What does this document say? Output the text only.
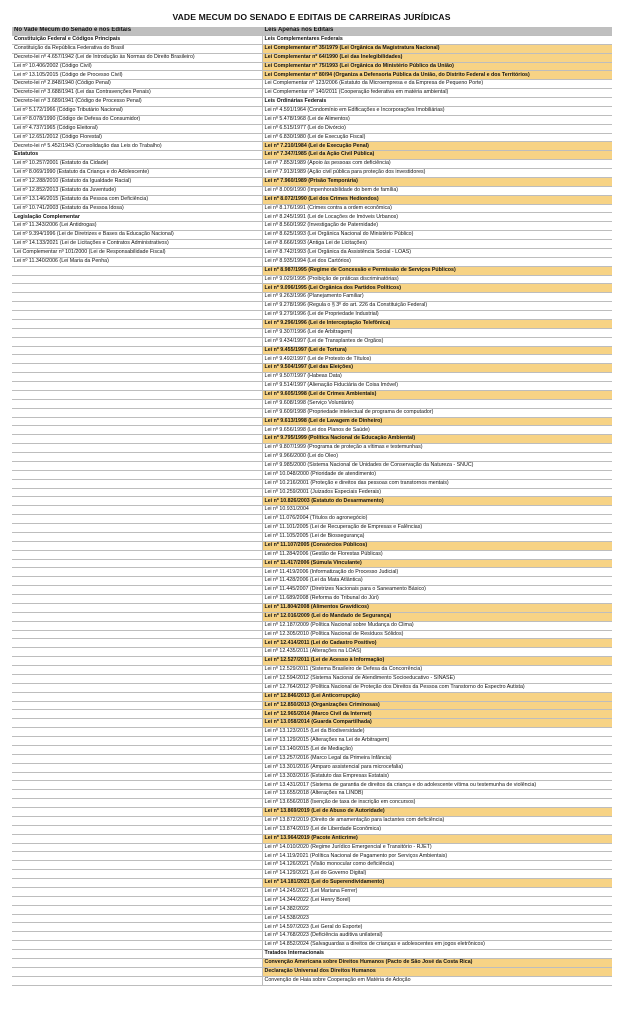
VADE MECUM DO SENADO E EDITAIS DE CARREIRAS JURÍDICAS
No Vade Mecum do Senado e nos Editais	Leis Apenas nos Editais
Constituição Federal e Códigos Principais	Leis Complementares Federais
Constituição da República Federativa do Brasil	Lei Complementar nº 35/1979 (Lei Orgânica da Magistratura Nacional)
Decreto-lei nº 4.657/1942 (Lei de Introdução às Normas do Direito Brasileiro)	Lei Complementar nº 64/1990 (Lei das Inelegibilidades)
Lei nº 10.406/2002 (Código Civil)	Lei Complementar nº 75/1993 (Lei Orgânica do Ministério Público da União)
Lei nº 13.105/2015 (Código de Processo Civil)	Lei Complementar nº 80/94 (Organiza a Defensoria Pública da União, do Distrito Federal e dos Territórios)
Decreto-lei nº 2.848/1940 (Código Penal)	Lei Complementar nº 123/2006 (Estatuto da Microempresa e da Empresa de Pequeno Porte)
Decreto-lei nº 3.688/1941 (Lei das Contravenções Penais)	Lei Complementar nº 140/2011 (Cooperação federativa em matéria ambiental)
Decreto-lei nº 3.689/1941 (Código de Processo Penal)	Leis Ordinárias Federais
Lei nº 5.172/1966 (Código Tributário Nacional)	Lei nº 4.591/1964 (Condomínio em Edificações e Incorporações Imobiliárias)
Lei nº 8.078/1990 (Código de Defesa do Consumidor)	Lei nº 5.478/1968 (Lei de Alimentos)
Lei nº 4.737/1965 (Código Eleitoral)	Lei nº 6.515/1977 (Lei do Divórcio)
Lei nº 12.651/2012 (Código Florestal)	Lei nº 6.830/1980 (Lei de Execução Fiscal)
Decreto-lei nº 5.452/1943 (Consolidação das Leis do Trabalho)	Lei nº 7.210/1984 (Lei de Execução Penal)
Estatutos	Lei nº 7.347/1985 (Lei da Ação Civil Pública)
Lei nº 10.257/2001 (Estatuto da Cidade)	Lei nº 7.853/1989 (Apoio às pessoas com deficiência)
Lei nº 8.069/1990 (Estatuto da Criança e do Adolescente)	Lei nº 7.913/1989 (Ação civil pública para proteção dos investidores)
Lei nº 12.288/2010 (Estatuto da Igualdade Racial)	Lei nº 7.960/1989 (Prisão Temporária)
Lei nº 12.852/2013 (Estatuto da Juventude)	Lei nº 8.009/1990 (Impenhorabilidade do bem de família)
Lei nº 13.146/2015 (Estatuto da Pessoa com Deficiência)	Lei nº 8.072/1990 (Lei dos Crimes Hediondos)
Lei nº 10.741/2003 (Estatuto da Pessoa Idosa)	Lei nº 8.176/1991 (Crimes contra a ordem econômica)
Legislação Complementar	Lei nº 8.245/1991 (Lei de Locações de Imóveis Urbanos)
Lei nº 11.343/2006 (Lei Antidrogas)	Lei nº 8.560/1992 (Investigação de Paternidade)
Lei nº 9.394/1996 (Lei de Diretrizes e Bases da Educação Nacional)	Lei nº 8.625/1993 (Lei Orgânica Nacional do Ministério Público)
Lei nº 14.133/2021 (Lei de Licitações e Contratos Administrativos)	Lei nº 8.666/1993 (Antiga Lei de Licitações)
Lei Complementar nº 101/2000 (Lei de Responsabilidade Fiscal)	Lei nº 8.742/1993 (Lei Orgânica da Assistência Social - LOAS)
Lei nº 11.340/2006 (Lei Maria da Penha)	Lei nº 8.935/1994 (Lei dos Cartórios)
	Lei nº 8.987/1995 (Regime de Concessão e Permissão de Serviços Públicos)
	Lei nº 9.029/1995 (Proibição de práticas discriminatórias)
	Lei nº 9.096/1995 (Lei Orgânica dos Partidos Políticos)
	Lei nº 9.263/1996 (Planejamento Familiar)
	Lei nº 9.278/1996 (Regula o § 3º do art. 226 da Constituição Federal)
	Lei nº 9.279/1996 (Lei de Propriedade Industrial)
	Lei nº 9.296/1996 (Lei de Interceptação Telefônica)
	Lei nº 9.307/1996 (Lei de Arbitragem)
	Lei nº 9.434/1997 (Lei de Transplantes de Órgãos)
	Lei nº 9.455/1997 (Lei de Tortura)
	Lei nº 9.492/1997 (Lei de Protesto de Títulos)
	Lei nº 9.504/1997 (Lei das Eleições)
	Lei nº 9.507/1997 (Habeas Data)
	Lei nº 9.514/1997 (Alienação Fiduciária de Coisa Imóvel)
	Lei nº 9.605/1998 (Lei de Crimes Ambientais)
	Lei nº 9.608/1998 (Serviço Voluntário)
	Lei nº 9.609/1998 (Propriedade intelectual de programa de computador)
	Lei nº 9.613/1998 (Lei de Lavagem de Dinheiro)
	Lei nº 9.656/1998 (Lei dos Planos de Saúde)
	Lei nº 9.795/1999 (Política Nacional de Educação Ambiental)
	Lei nº 9.807/1999 (Programa de proteção a vítimas e testemunhas)
	Lei nº 9.966/2000 (Lei do Óleo)
	Lei nº 9.985/2000 (Sistema Nacional de Unidades de Conservação da Natureza - SNUC)
	Lei nº 10.048/2000 (Prioridade de atendimento)
	Lei nº 10.216/2001 (Proteção e direitos das pessoas com transtornos mentais)
	Lei nº 10.259/2001 (Juizados Especiais Federais)
	Lei nº 10.826/2003 (Estatuto do Desarmamento)
	Lei nº 10.931/2004
	Lei nº 11.076/2004 (Títulos do agronegócio)
	Lei nº 11.101/2005 (Lei de Recuperação de Empresas e Falências)
	Lei nº 11.105/2005 (Lei de Biossegurança)
	Lei nº 11.107/2005 (Consórcios Públicos)
	Lei nº 11.284/2006 (Gestão de Florestas Públicas)
	Lei nº 11.417/2006 (Súmula Vinculante)
	Lei nº 11.419/2006 (Informatização do Processo Judicial)
	Lei nº 11.428/2006 (Lei da Mata Atlântica)
	Lei nº 11.445/2007 (Diretrizes Nacionais para o Saneamento Básico)
	Lei nº 11.689/2008 (Reforma do Tribunal do Júri)
	Lei nº 11.804/2008 (Alimentos Gravídicos)
	Lei nº 12.016/2009 (Lei do Mandado de Segurança)
	Lei nº 12.187/2009 (Política Nacional sobre Mudança do Clima)
	Lei nº 12.305/2010 (Política Nacional de Resíduos Sólidos)
	Lei nº 12.414/2011 (Lei do Cadastro Positivo)
	Lei nº 12.435/2011 (Alterações na LOAS)
	Lei nº 12.527/2011 (Lei de Acesso à Informação)
	Lei nº 12.529/2011 (Sistema Brasileiro de Defesa da Concorrência)
	Lei nº 12.594/2012 (Sistema Nacional de Atendimento Socioeducativo - SINASE)
	Lei nº 12.764/2012 (Política Nacional de Proteção dos Direitos da Pessoa com Transtorno do Espectro Autista)
	Lei nº 12.846/2013 (Lei Anticorrupção)
	Lei nº 12.850/2013 (Organizações Criminosas)
	Lei nº 12.965/2014 (Marco Civil da Internet)
	Lei nº 13.058/2014 (Guarda Compartilhada)
	Lei nº 13.123/2015 (Lei da Biodiversidade)
	Lei nº 13.129/2015 (Alterações na Lei de Arbitragem)
	Lei nº 13.140/2015 (Lei de Mediação)
	Lei nº 13.257/2016 (Marco Legal da Primeira Infância)
	Lei nº 13.301/2016 (Amparo assistencial para microcefalia)
	Lei nº 13.303/2016 (Estatuto das Empresas Estatais)
	Lei nº 13.431/2017 (Sistema de garantia de direitos da criança e do adolescente vítima ou testemunha de violência)
	Lei nº 13.655/2018 (Alterações na LINDB)
	Lei nº 13.656/2018 (Isenção de taxa de inscrição em concursos)
	Lei nº 13.869/2019 (Lei de Abuso de Autoridade)
	Lei nº 13.872/2019 (Direito de amamentação para lactantes com deficiência)
	Lei nº 13.874/2019 (Lei de Liberdade Econômica)
	Lei nº 13.964/2019 (Pacote Anticrime)
	Lei nº 14.010/2020 (Regime Jurídico Emergencial e Transitório - RJET)
	Lei nº 14.119/2021 (Política Nacional de Pagamento por Serviços Ambientais)
	Lei nº 14.126/2021 (Visão monocular como deficiência)
	Lei nº 14.129/2021 (Lei do Governo Digital)
	Lei nº 14.181/2021 (Lei do Superendividamento)
	Lei nº 14.245/2021 (Lei Mariana Ferrer)
	Lei nº 14.344/2022 (Lei Henry Borel)
	Lei nº 14.382/2022
	Lei nº 14.538/2023
	Lei nº 14.597/2023 (Lei Geral do Esporte)
	Lei nº 14.768/2023 (Deficiência auditiva unilateral)
	Lei nº 14.852/2024 (Salvaguardas a direitos de crianças e adolescentes em jogos eletrônicos)
	Tratados Internacionais
	Convenção Americana sobre Direitos Humanos (Pacto de São José da Costa Rica)
	Declaração Universal dos Direitos Humanos
	Convenção de Haia sobre Cooperação em Matéria de Adoção
